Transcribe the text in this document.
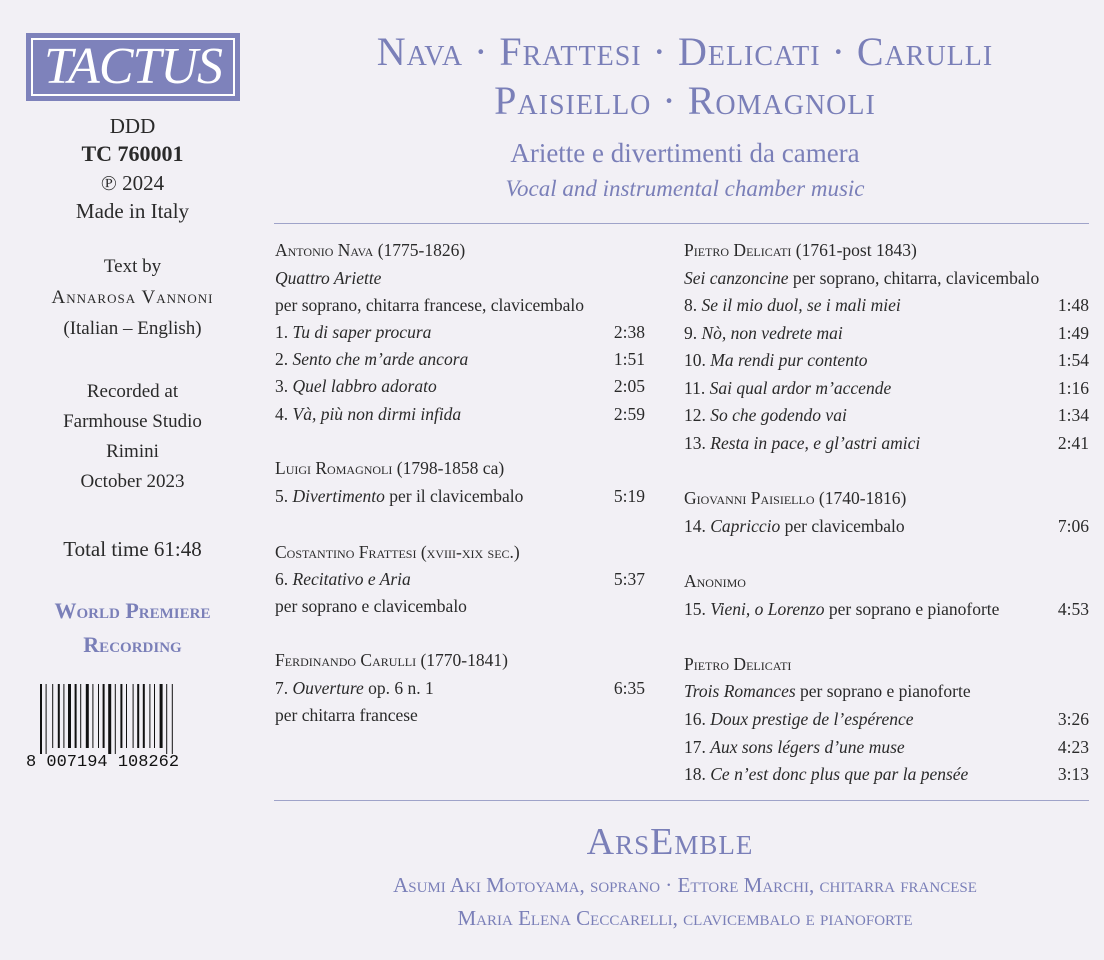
TACTUS
DDD
TC 760001
℗ 2024
Made in Italy
Text by
Annarosa Vannoni
(Italian – English)
Recorded at
Farmhouse Studio
Rimini
October 2023
Total time 61:48
World Premiere
Recording
8 007194 108262
Nava · Frattesi · Delicati · Carulli
Paisiello · Romagnoli
Ariette e divertimenti da camera
Vocal and instrumental chamber music
Antonio Nava (1775-1826)
Quattro Ariette
per soprano, chitarra francese, clavicembalo
1. Tu di saper procura	2:38
2. Sento che m’arde ancora	1:51
3. Quel labbro adorato	2:05
4. Và, più non dirmi infida	2:59
Luigi Romagnoli (1798-1858 ca)
5. Divertimento per il clavicembalo	5:19
Costantino Frattesi (xviii-xix sec.)
6. Recitativo e Aria	5:37
per soprano e clavicembalo
Ferdinando Carulli (1770-1841)
7. Ouverture op. 6 n. 1	6:35
per chitarra francese
Pietro Delicati (1761-post 1843)
Sei canzoncine per soprano, chitarra, clavicembalo
8. Se il mio duol, se i mali miei	1:48
9. Nò, non vedrete mai	1:49
10. Ma rendi pur contento	1:54
11. Sai qual ardor m’accende	1:16
12. So che godendo vai	1:34
13. Resta in pace, e gl’astri amici	2:41
Giovanni Paisiello (1740-1816)
14. Capriccio per clavicembalo	7:06
Anonimo
15. Vieni, o Lorenzo per soprano e pianoforte	4:53
Pietro Delicati
Trois Romances per soprano e pianoforte
16. Doux prestige de l’espérence	3:26
17. Aux sons légers d’une muse	4:23
18. Ce n’est donc plus que par la pensée	3:13
ArsEmble
Asumi Aki Motoyama, soprano · Ettore Marchi, chitarra francese
Maria Elena Ceccarelli, clavicembalo e pianoforte
